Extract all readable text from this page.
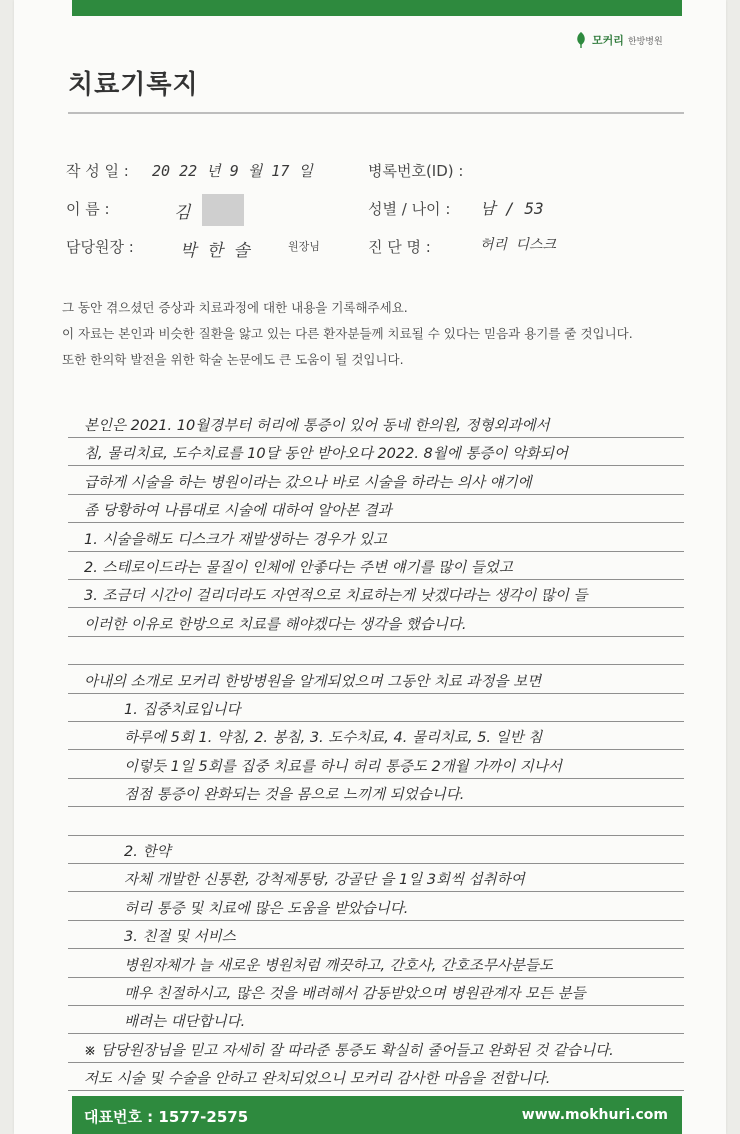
모커리 한방병원
치료기록지
작 성 일 : 20 22 년 9 월 17 일	병록번호(ID) :
이 름 :	김	성별 / 나이 : 남 / 53
담당원장 :	박 한 솔	원장님	진 단 명 :	허리 디스크
그 동안 겪으셨던 증상과 치료과정에 대한 내용을 기록해주세요.
이 자료는 본인과 비슷한 질환을 앓고 있는 다른 환자분들께 치료될 수 있다는 믿음과 용기를 줄 것입니다.
또한 한의학 발전을 위한 학술 논문에도 큰 도움이 될 것입니다.
본인은 2021. 10월경부터 허리에 통증이 있어 동네 한의원, 정형외과에서
침, 물리치료, 도수치료를 10달 동안 받아오다 2022. 8월에 통증이 악화되어
급하게 시술을 하는 병원이라는 갔으나 바로 시술을 하라는 의사 얘기에
좀 당황하여 나름대로 시술에 대하여 알아본 결과
1. 시술을해도 디스크가 재발생하는 경우가 있고
2. 스테로이드라는 물질이 인체에 안좋다는 주변 얘기를 많이 들었고
3. 조금더 시간이 걸리더라도 자연적으로 치료하는게 낫겠다라는 생각이 많이 들
이러한 이유로 한방으로 치료를 해야겠다는 생각을 했습니다.
아내의 소개로 모커리 한방병원을 알게되었으며 그동안 치료 과정을 보면
1. 집중치료입니다
하루에 5회 1. 약침, 2. 봉침, 3. 도수치료, 4. 물리치료, 5. 일반 침
이렇듯 1일 5회를 집중 치료를 하니 허리 통증도 2개월 가까이 지나서
점점 통증이 완화되는 것을 몸으로 느끼게 되었습니다.
2. 한약
자체 개발한 신통환, 강척제통탕, 강골단 을 1일 3회씩 섭취하여
허리 통증 및 치료에 많은 도움을 받았습니다.
3. 친절 및 서비스
병원자체가 늘 새로운 병원처럼 깨끗하고, 간호사, 간호조무사분들도
매우 친절하시고, 많은 것을 배려해서 감동받았으며 병원관계자 모든 분들
배려는 대단합니다.
※ 담당원장님을 믿고 자세히 잘 따라준 통증도 확실히 줄어들고 완화된 것 같습니다.
저도 시술 및 수술을 안하고 완치되었으니 모커리 감사한 마음을 전합니다.
대표번호 : 1577-2575	www.mokhuri.com
